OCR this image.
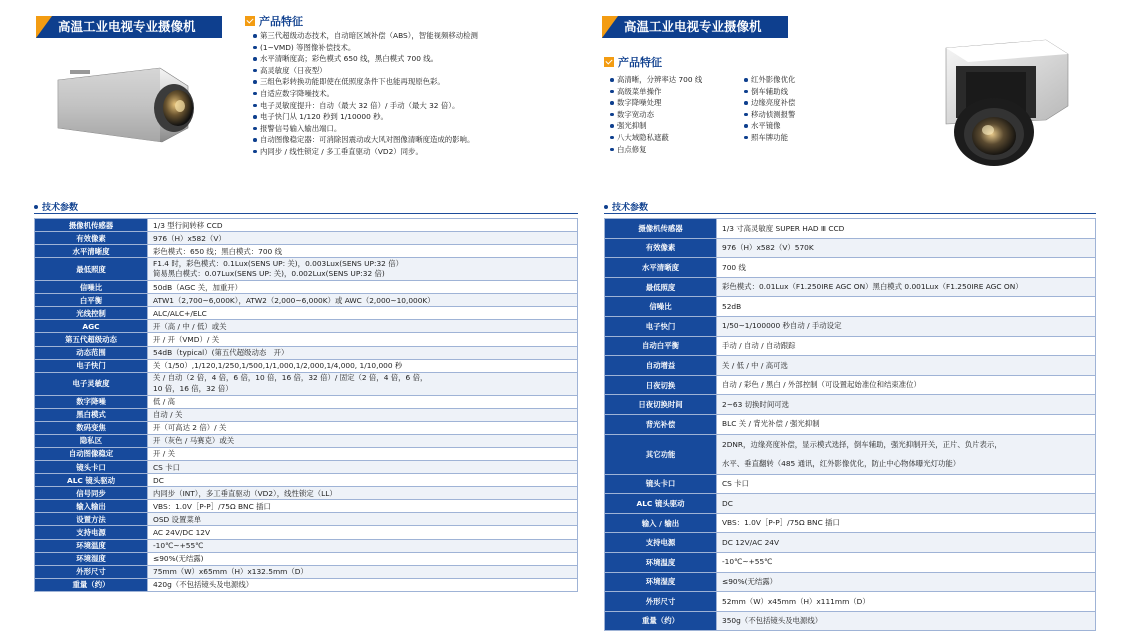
高温工业电视专业摄像机	产品特征
第三代超级动态技术，自动暗区域补偿（ABS），智能视频移动检测
(1~VMD) 等图像补偿技术。
水平清晰度高；彩色模式 650 线，黑白模式 700 线。
高灵敏度（日夜型）
三组色彩转换功能即使在低照度条件下也能再现原色彩。
自适应数字降噪技术。
电子灵敏度提升：自动（最大 32 倍）/ 手动（最大 32 倍）。
电子快门从 1/120 秒到 1/10000 秒。
报警信号输入输出端口。
自动图像稳定器：可消除因震动或大风对图像清晰度造成的影响。
内同步 / 线性锁定 / 多工垂直驱动（VD2）同步。
技术参数
摄像机传感器	1/3 型行间转移 CCD

有效像素	976（H）x582（V）

水平清晰度	彩色模式：650 线；黑白模式：700 线

最低照度	F1.4 时，彩色模式：0.1Lux(SENS UP: 关)，0.003Lux(SENS UP:32 倍）
简易黑白模式：0.07Lux(SENS UP: 关)，0.002Lux(SENS UP:32 倍)

信噪比	50dB（AGC 关，加重开）

白平衡	ATW1（2,700~6,000K），ATW2（2,000~6,000K）或 AWC（2,000~10,000K）

光线控制	ALC/ALC+/ELC

AGC	开（高 / 中 / 低）或关

第五代超级动态	开 / 开（VMD）/ 关

动态范围	54dB（typical）(第五代超级动态　开）

电子快门	关（1/50）,1/120,1/250,1/500,1/1,000,1/2,000,1/4,000, 1/10,000 秒

电子灵敏度	关 / 自动（2 倍，4 倍，6 倍，10 倍，16 倍，32 倍）/ 固定（2 倍，4 倍，6 倍，
10 倍，16 倍，32 倍）

数字降噪	低 / 高

黑白模式	自动 / 关

数码变焦	开（可高达 2 倍）/ 关

隐私区	开（灰色 / 马赛克）或关

自动图像稳定	开 / 关

镜头卡口	CS 卡口

ALC 镜头驱动	DC

信号同步	内同步（INT），多工垂直驱动（VD2），线性锁定（LL）

输入输出	VBS：1.0V［P-P］/75Ω BNC 插口

设置方法	OSD 设置菜单

支持电源	AC 24V/DC 12V

环境温度	-10℃~+55℃

环境湿度	≤90%(无结露)

外形尺寸	75mm（W）x65mm（H）x132.5mm（D）

重量（约）	420g（不包括镜头及电源线）
高温工业电视专业摄像机
产品特征
高清晰，分辨率达 700 线
高级菜单操作
数字降噪处理
数字宽动态
强光抑制
八大域隐私遮蔽
白点修复
红外影像优化
倒车辅助线
边缘亮度补偿
移动侦测报警
水平镜像
照车牌功能
技术参数
摄像机传感器	1/3 寸高灵敏度 SUPER HAD Ⅲ CCD

有效像素	976（H）x582（V）570K

水平清晰度	700 线

最低照度	彩色模式：0.01Lux（F1.250IRE AGC ON）黑白模式 0.001Lux（F1.250IRE AGC ON）

信噪比	52dB

电子快门	1/50~1/100000 秒自动 / 手动设定

自动白平衡	手动 / 自动 / 自动跟踪

自动增益	关 / 低 / 中 / 高可选

日夜切换	自动 / 彩色 / 黑白 / 外部控制（可设置起始准位和结束准位）

日夜切换时间	2~63 切换时间可选

背光补偿	BLC 关 / 背光补偿 / 强光抑制

其它功能	2DNR，边缘亮度补偿，显示模式选择，倒车辅助，强光抑制开关，正片、负片表示，
水平、垂直翻转（485 通讯，红外影像优化，防止中心物体曝光灯功能）

镜头卡口	CS 卡口

ALC 镜头驱动	DC

输入 / 输出	VBS：1.0V［P-P］/75Ω BNC 插口

支持电源	DC 12V/AC 24V

环境温度	-10℃~+55℃

环境湿度	≤90%(无结露）

外形尺寸	52mm（W）x45mm（H）x111mm（D）

重量（约）	350g（不包括镜头及电源线）
